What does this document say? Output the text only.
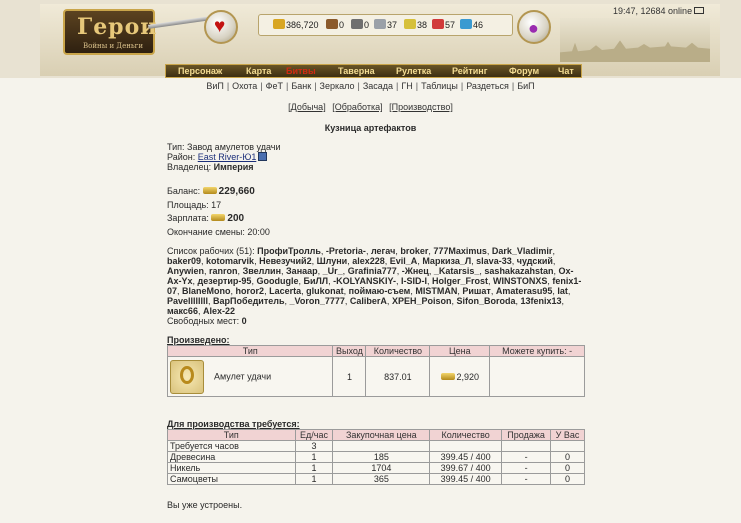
Герои
Войны и Деньги
♥	●
386,720	0	0	37	38	57	46
19:47, 12684 online
Персонаж	Карта Битвы Таверна Рулетка Рейтинг Форум Чат
ВиП | Охота | ФеТ | Банк | Зеркало | Засада | ГН | Таблицы | Раздеться | БиП
[Добыча] [Обработка] [Производство]
Кузница артефактов
Тип: Завод амулетов удачи
Район: East River-Ю1
Владелец: Империя
Баланс: 229,660
Площадь: 17
Зарплата: 200
Окончание смены: 20:00
Список рабочих (51): ПрофиТролль, -Pretoria-, легач, broker, 777Maximus, Dark_Vladimir, baker09, kotomarvik, Невезучий2, Шлуни, alex228, Evil_A, Маркиза_Л, slava-33, чудский, Anywien, ranron, Звеллин, Занаар, _Ur_, Grafinia777, -Жнец, _Katarsis_, sashakazahstan, Ox-Ax-Yx, дезертир-95, Goodugle, БиЛЛ, -KOLYANSKIY-, I-SID-I, Holger_Frost, WINSTONXS, fenix1-07, BlaneMono, horor2, Lacerta, glukonat, поймаю-съем, MISTMAN, Ришат, Amaterasu95, Iat, Pavellllllll, ВарПобедитель, _Voron_7777, CaliberA, XPEH_Poison, Sifon_Boroda, 13fenix13, макс66, Alex-22
Свободных мест: 0
Произведено:
Тип	Выход	Количество	Цена	Можете купить: -

Амулет удачи	1	837.01	2,920	
Для производства требуется:
Тип	Ед/час	Закупочная цена	Количество	Продажа	У Вас
Требуется часов	3				
Древесина	1	185	399.45 / 400	-	0
Никель	1	1704	399.67 / 400	-	0
Самоцветы	1	365	399.45 / 400	-	0
Вы уже устроены.
